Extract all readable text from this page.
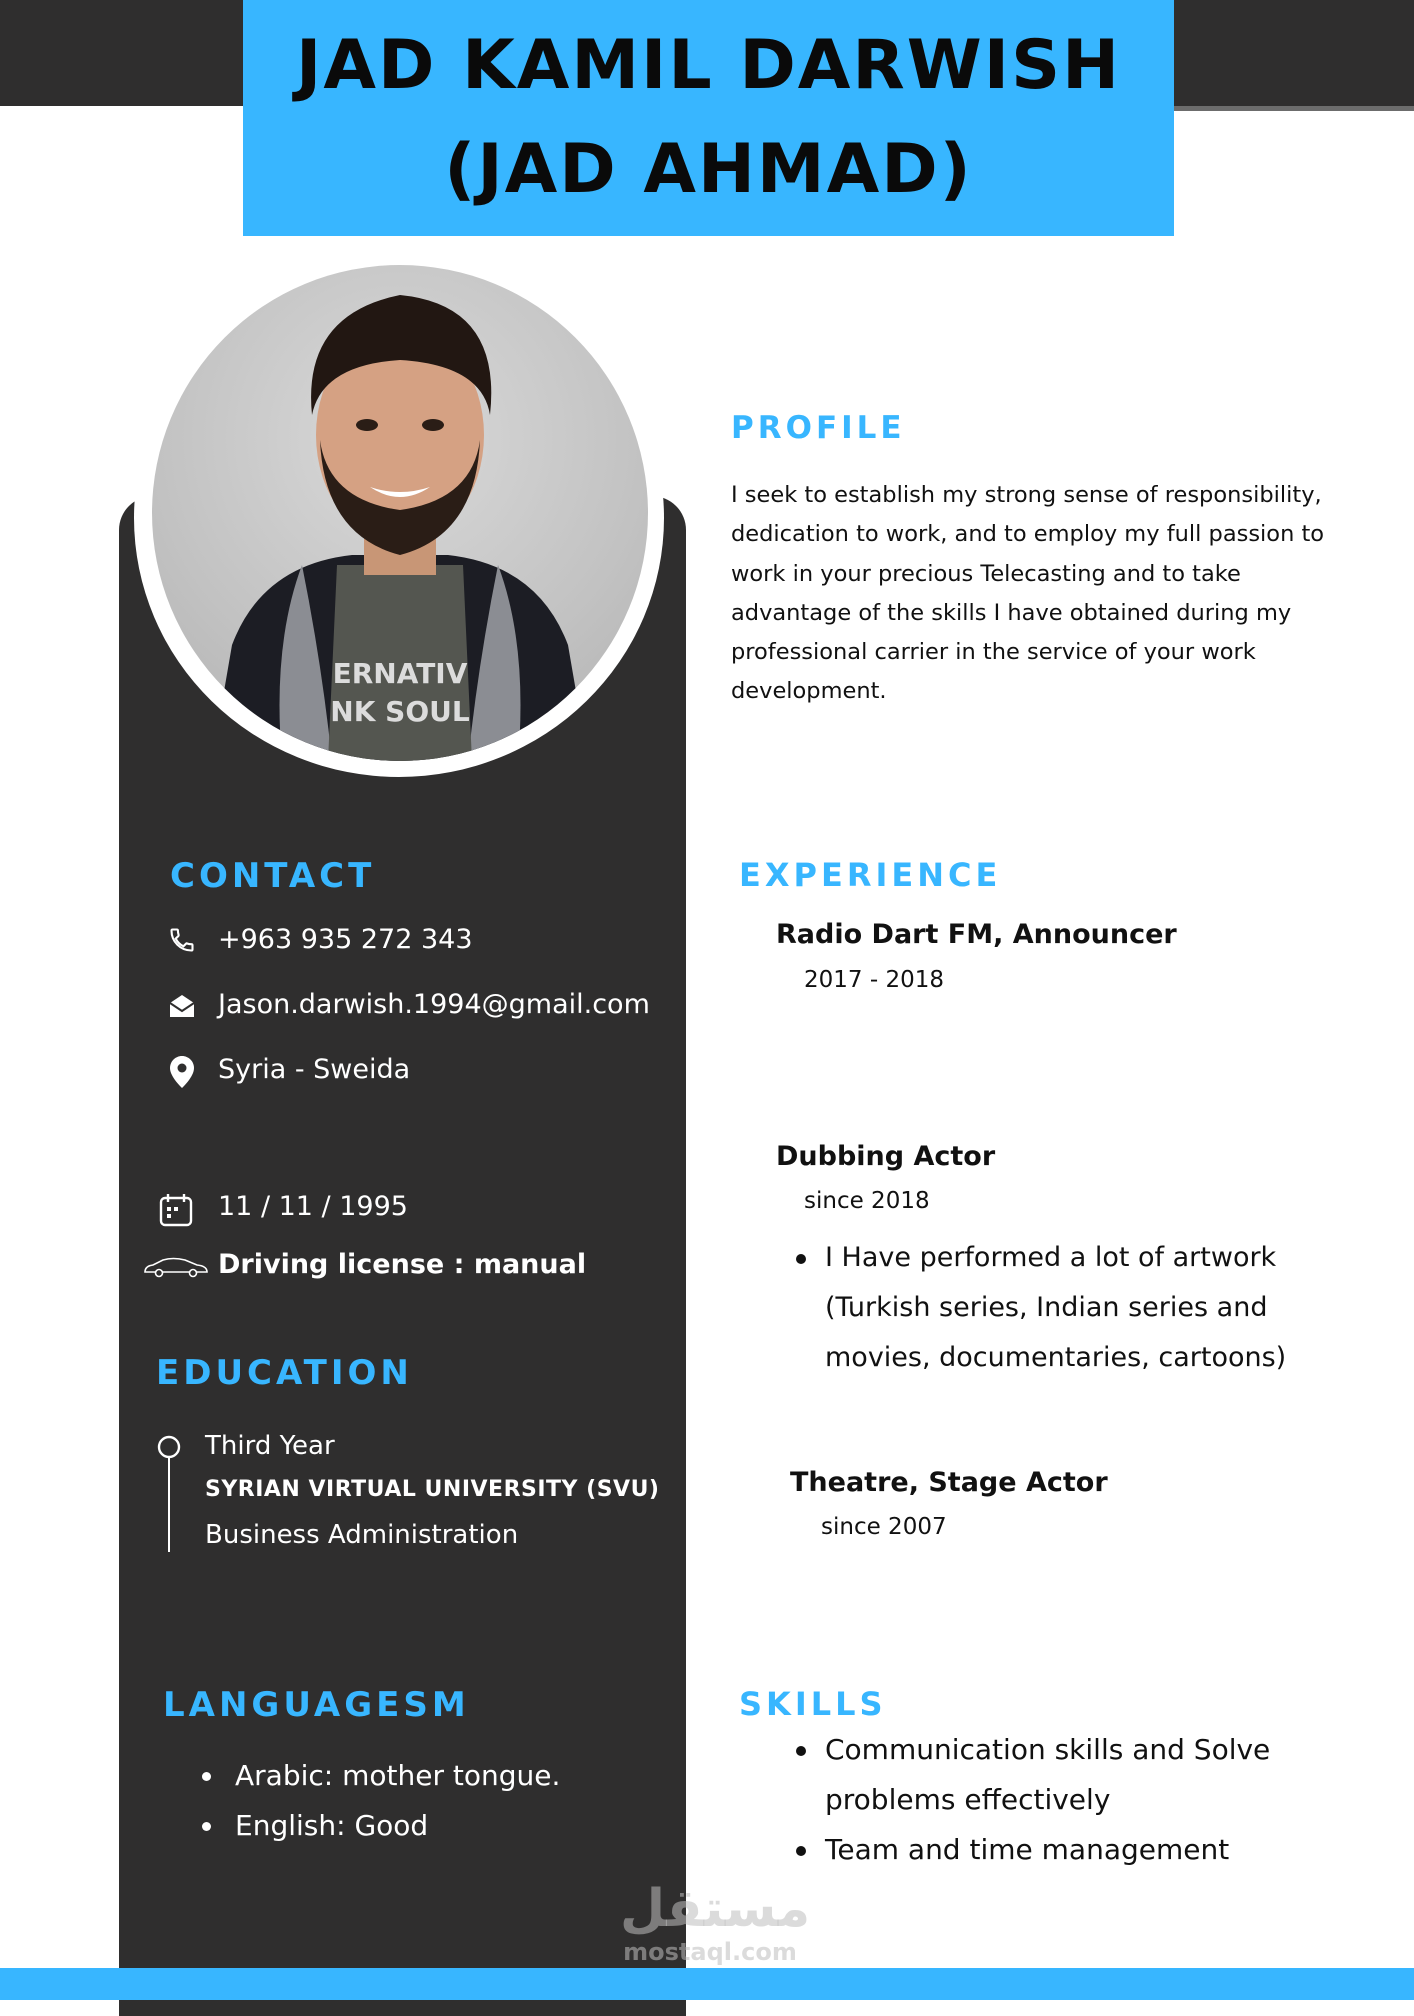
JAD KAMIL DARWISH
(JAD AHMAD)
ERNATIV
NK SOUL
CONTACT
+963 935 272 343
Jason.darwish.1994@gmail.com
Syria - Sweida
11 / 11 / 1995
Driving license : manual
EDUCATION
Third Year
SYRIAN VIRTUAL UNIVERSITY (SVU)
Business Administration
LANGUAGESM
Arabic: mother tongue.
English: Good
PROFILE
I seek to establish my strong sense of responsibility,
dedication to work, and to employ my full passion to
work in your precious Telecasting and to take
advantage of the skills I have obtained during my
professional carrier in the service of your work
development.
EXPERIENCE
Radio Dart FM, Announcer
2017 - 2018
Dubbing Actor
since 2018
I Have performed a lot of artwork
(Turkish series, Indian series and
movies, documentaries, cartoons)
Theatre, Stage Actor
since 2007
SKILLS
Communication skills and Solve
problems effectively
Team and time management
مستقل
mostaql.com
